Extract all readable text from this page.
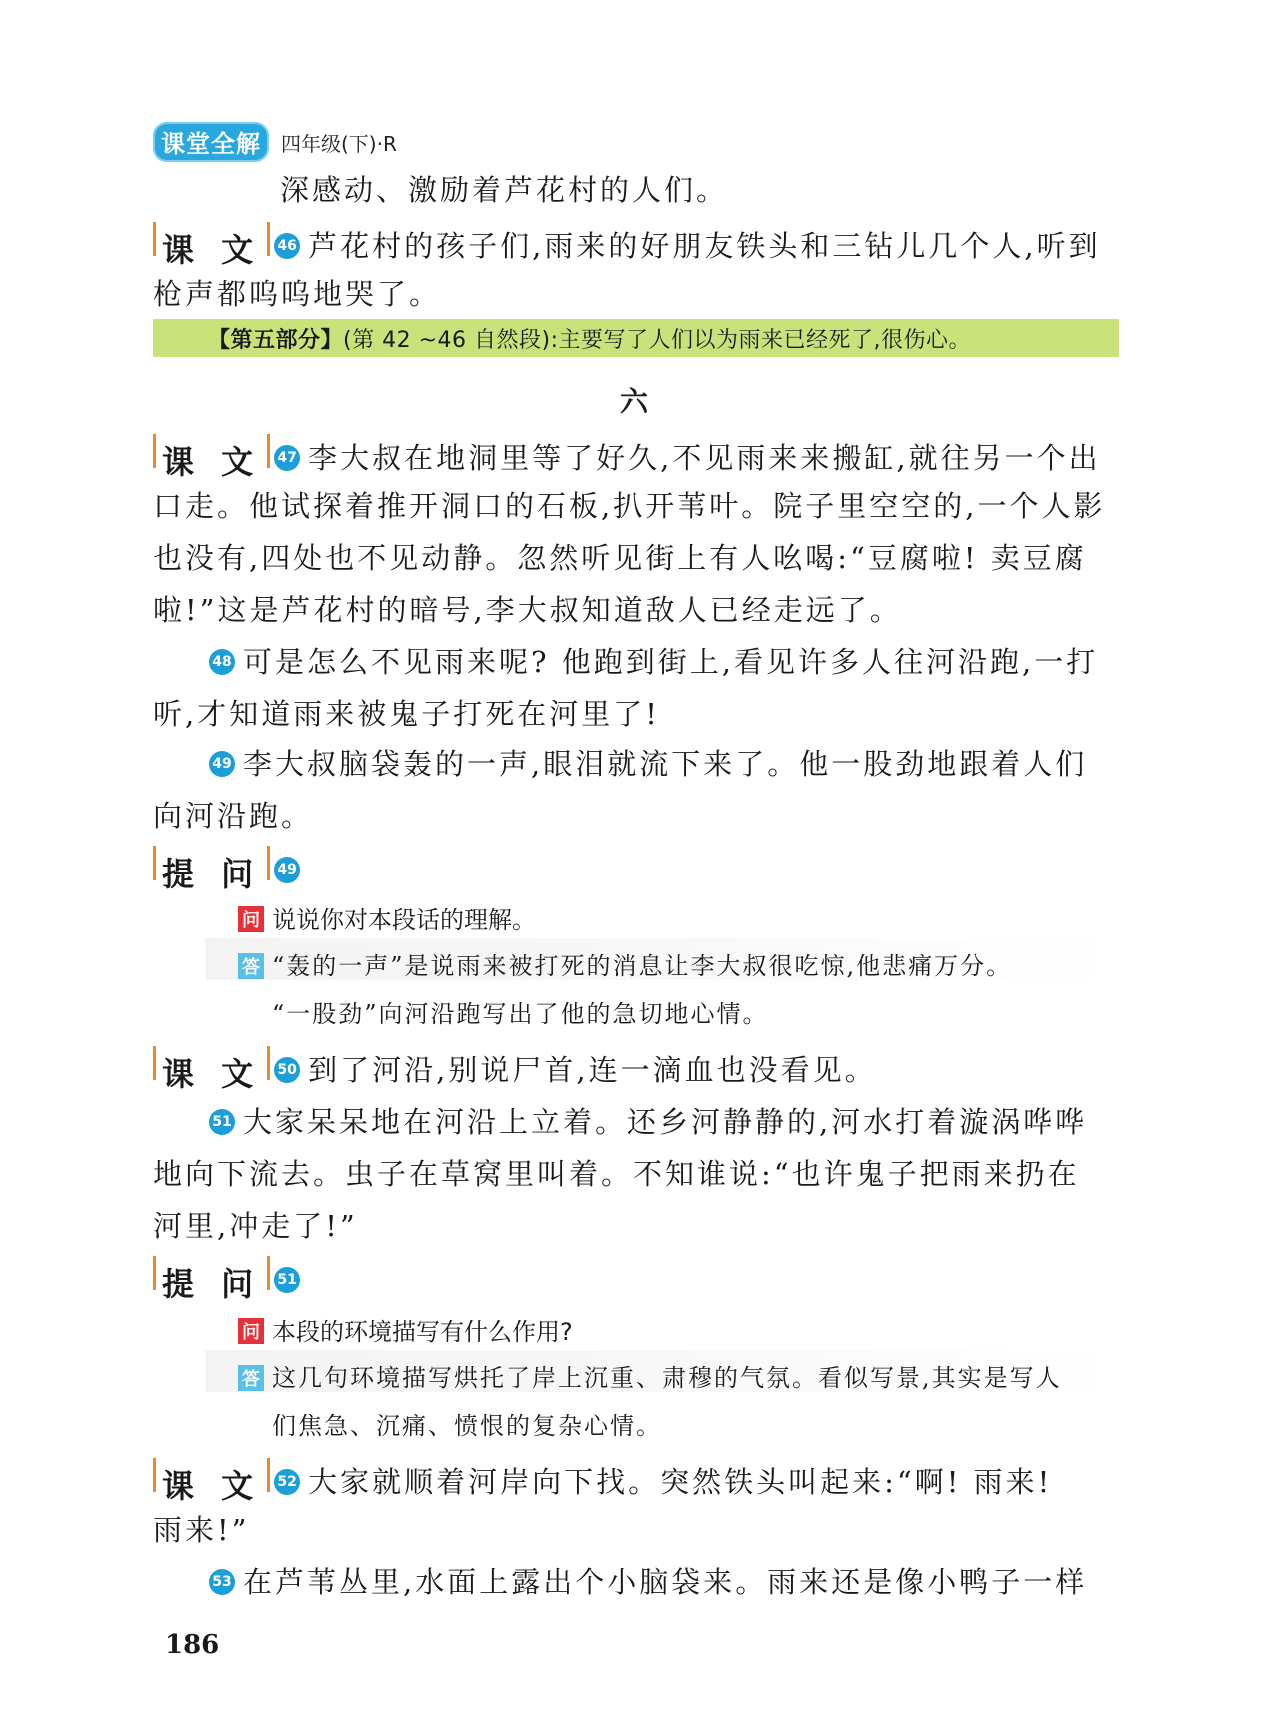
课堂全解	四年级(下)·R
深感动、激励着芦花村的人们。
课 文 46 芦花村的孩子们,雨来的好朋友铁头和三钻儿几个人,听到
枪声都呜呜地哭了。
【第五部分】 (第 42 ~46 自然段):主要写了人们以为雨来已经死了,很伤心。
六
课 文 47 李大叔在地洞里等了好久,不见雨来来搬缸,就往另一个出
口走。他试探着推开洞口的石板,扒开苇叶。院子里空空的,一个人影
也没有,四处也不见动静。忽然听见街上有人吆喝:“豆腐啦! 卖豆腐
啦!”这是芦花村的暗号,李大叔知道敌人已经走远了。
48 可是怎么不见雨来呢? 他跑到街上,看见许多人往河沿跑,一打
听,才知道雨来被鬼子打死在河里了!
49 李大叔脑袋轰的一声,眼泪就流下来了。他一股劲地跟着人们
向河沿跑。
提 问 49
问 说说你对本段话的理解。
答 “轰的一声”是说雨来被打死的消息让李大叔很吃惊,他悲痛万分。
“一股劲”向河沿跑写出了他的急切地心情。
课 文 50 到了河沿,别说尸首,连一滴血也没看见。
51 大家呆呆地在河沿上立着。还乡河静静的,河水打着漩涡哗哗
地向下流去。虫子在草窝里叫着。不知谁说:“也许鬼子把雨来扔在
河里,冲走了!”
提 问 51
问 本段的环境描写有什么作用?
答 这几句环境描写烘托了岸上沉重、肃穆的气氛。看似写景,其实是写人
们焦急、沉痛、愤恨的复杂心情。
课 文 52 大家就顺着河岸向下找。突然铁头叫起来:“啊! 雨来!
雨来!”
53 在芦苇丛里,水面上露出个小脑袋来。雨来还是像小鸭子一样
186
